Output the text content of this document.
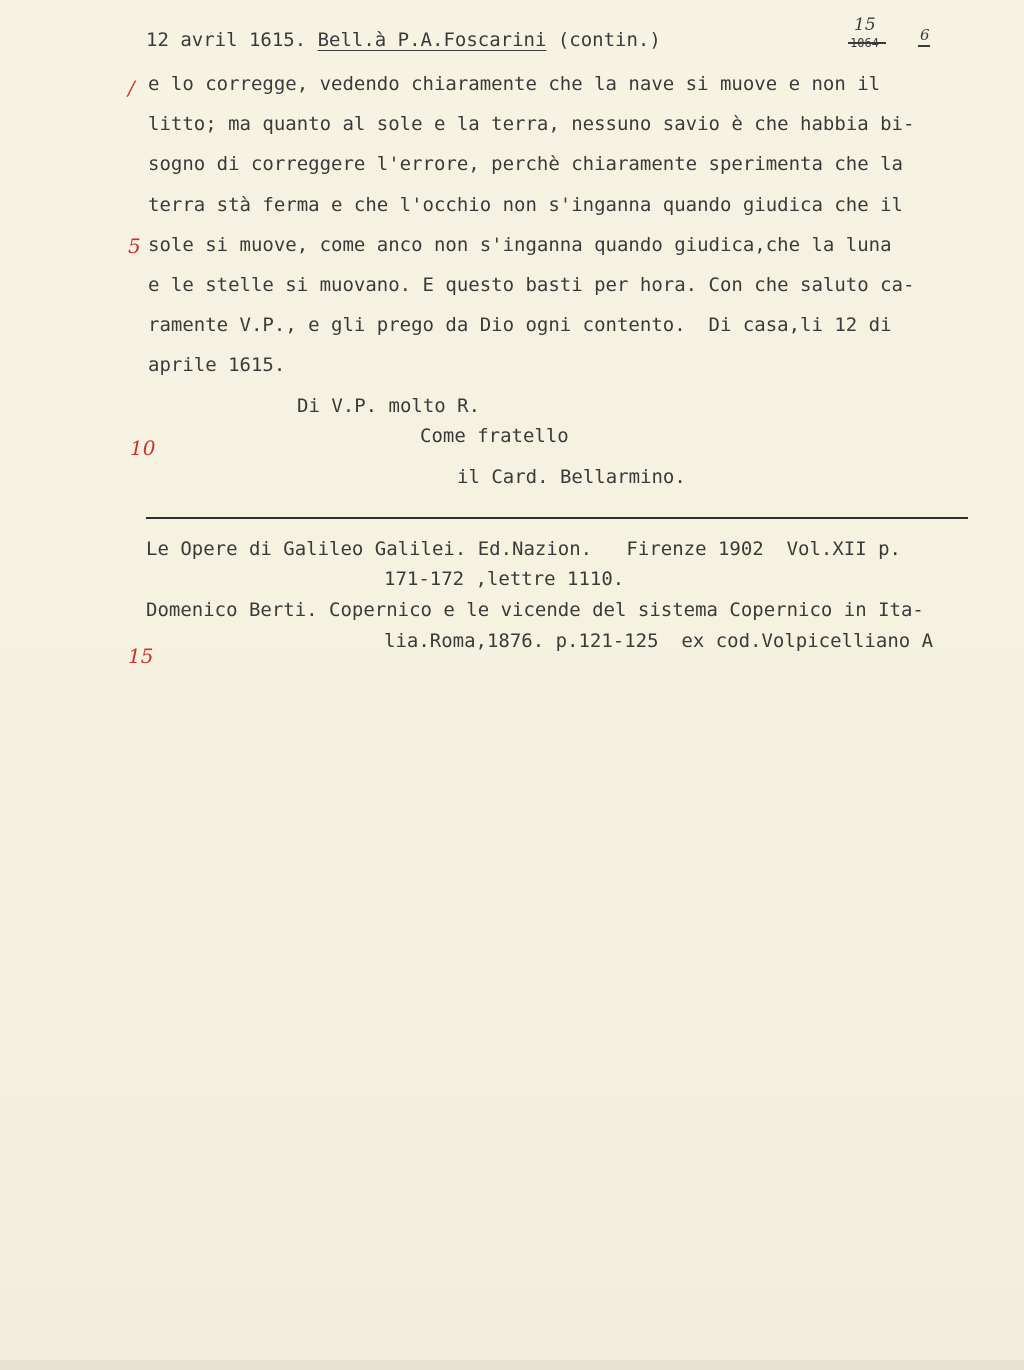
12 avril 1615. Bell.à P.A.Foscarini (contin.)
15
1064	6
/
5
10
15
e lo corregge, vedendo chiaramente che la nave si muove e non il
litto; ma quanto al sole e la terra, nessuno savio è che habbia bi-
sogno di correggere l'errore, perchè chiaramente sperimenta che la
terra stà ferma e che l'occhio non s'inganna quando giudica che il
sole si muove, come anco non s'inganna quando giudica,che la luna
e le stelle si muovano. E questo basti per hora. Con che saluto ca-
ramente V.P., e gli prego da Dio ogni contento.  Di casa,li 12 di
aprile 1615.
Di V.P. molto R.
Come fratello
il Card. Bellarmino.
Le Opere di Galileo Galilei. Ed.Nazion.   Firenze 1902  Vol.XII p.
171-172 ,lettre 1110.
Domenico Berti. Copernico e le vicende del sistema Copernico in Ita-
lia.Roma,1876. p.121-125  ex cod.Volpicelliano A
